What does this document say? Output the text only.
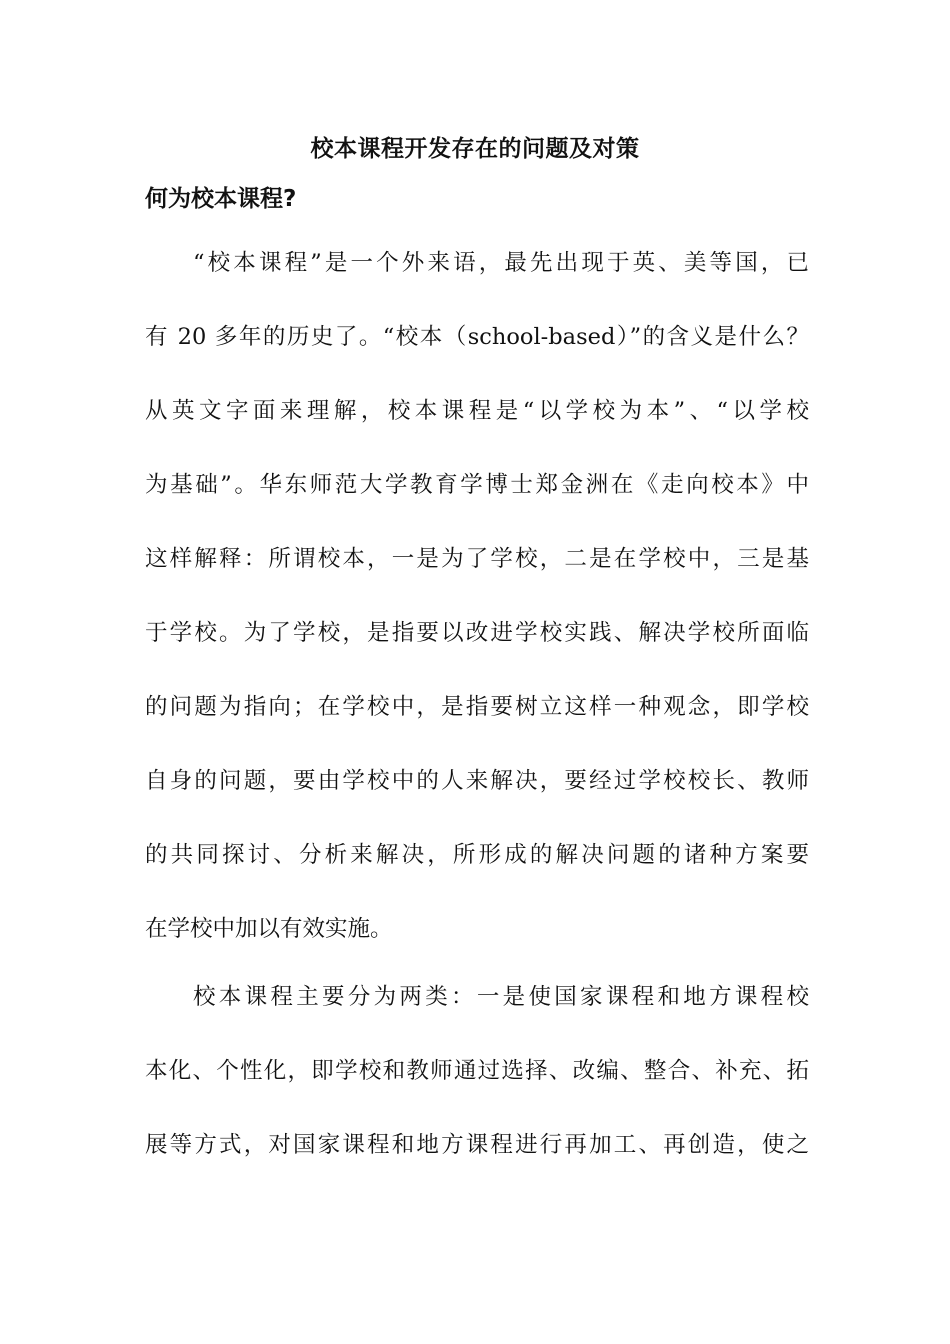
校本课程开发存在的问题及对策
何为校本课程?
“校本课程”是一个外来语，最先出现于英、美等国，已
有 20 多年的历史了。“校本（school-based）”的含义是什么？
从英文字面来理解，校本课程是“以学校为本”、“以学校
为基础”。华东师范大学教育学博士郑金洲在《走向校本》中
这样解释：所谓校本，一是为了学校，二是在学校中，三是基
于学校。为了学校，是指要以改进学校实践、解决学校所面临
的问题为指向；在学校中，是指要树立这样一种观念，即学校
自身的问题，要由学校中的人来解决，要经过学校校长、教师
的共同探讨、分析来解决，所形成的解决问题的诸种方案要
在学校中加以有效实施。
校本课程主要分为两类：一是使国家课程和地方课程校
本化、个性化，即学校和教师通过选择、改编、整合、补充、拓
展等方式，对国家课程和地方课程进行再加工、再创造，使之
